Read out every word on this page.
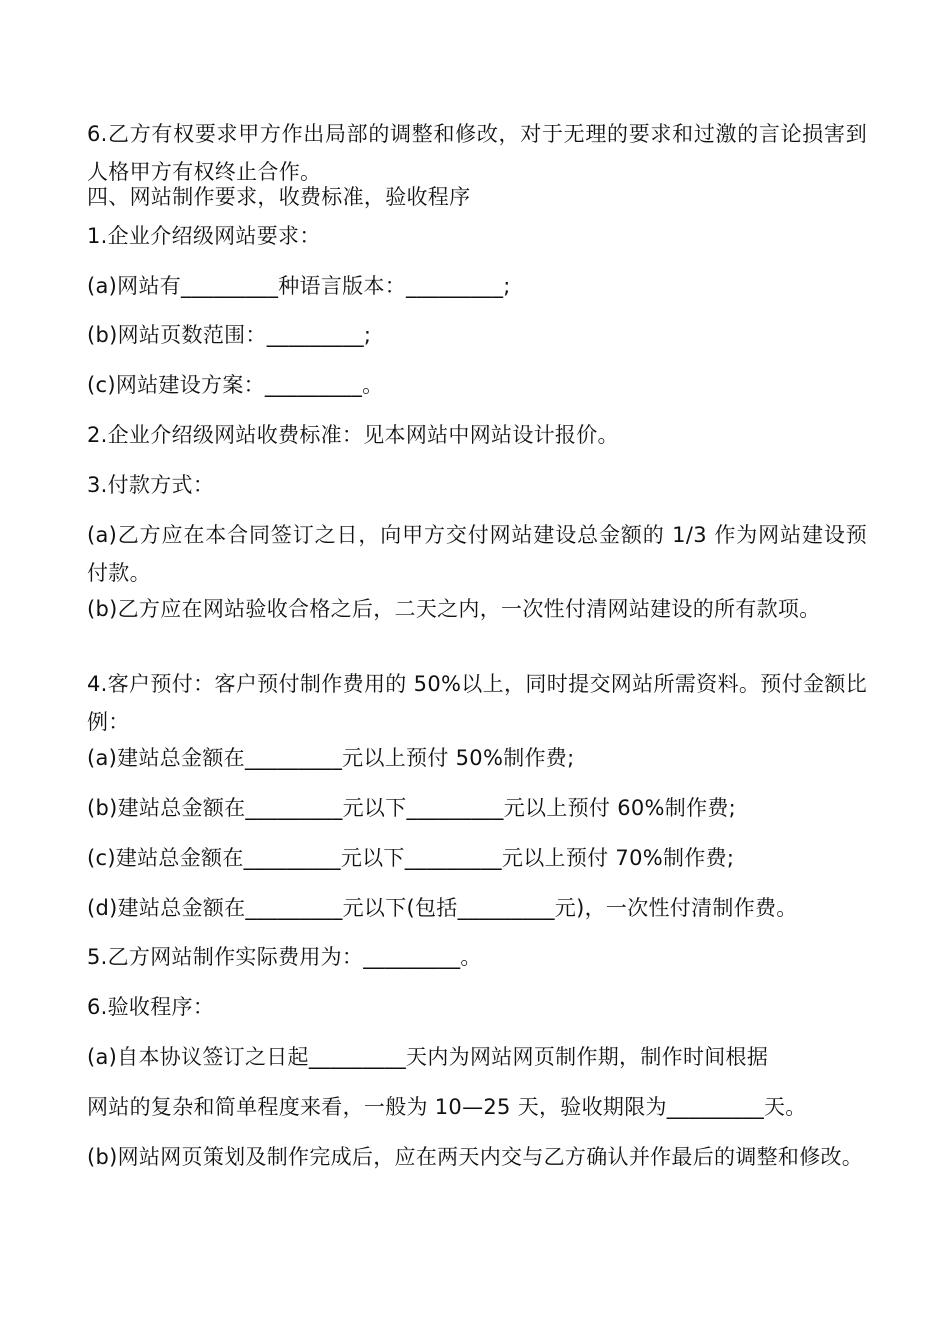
6.乙方有权要求甲方作出局部的调整和修改，对于无理的要求和过激的言论损害到人格甲方有权终止合作。

四、网站制作要求，收费标准，验收程序

1.企业介绍级网站要求：

(a)网站有_________种语言版本：_________;

(b)网站页数范围：_________;

(c)网站建设方案：_________。

2.企业介绍级网站收费标准：见本网站中网站设计报价。

3.付款方式：

(a)乙方应在本合同签订之日，向甲方交付网站建设总金额的 1/3 作为网站建设预付款。

(b)乙方应在网站验收合格之后，二天之内，一次性付清网站建设的所有款项。

4.客户预付：客户预付制作费用的 50%以上，同时提交网站所需资料。预付金额比例：

(a)建站总金额在_________元以上预付 50%制作费;

(b)建站总金额在_________元以下_________元以上预付 60%制作费;

(c)建站总金额在_________元以下_________元以上预付 70%制作费;

(d)建站总金额在_________元以下(包括_________元)，一次性付清制作费。

5.乙方网站制作实际费用为：_________。

6.验收程序：

(a)自本协议签订之日起_________天内为网站网页制作期，制作时间根据

网站的复杂和简单程度来看，一般为 10—25 天，验收期限为_________天。

(b)网站网页策划及制作完成后，应在两天内交与乙方确认并作最后的调整和修改。
